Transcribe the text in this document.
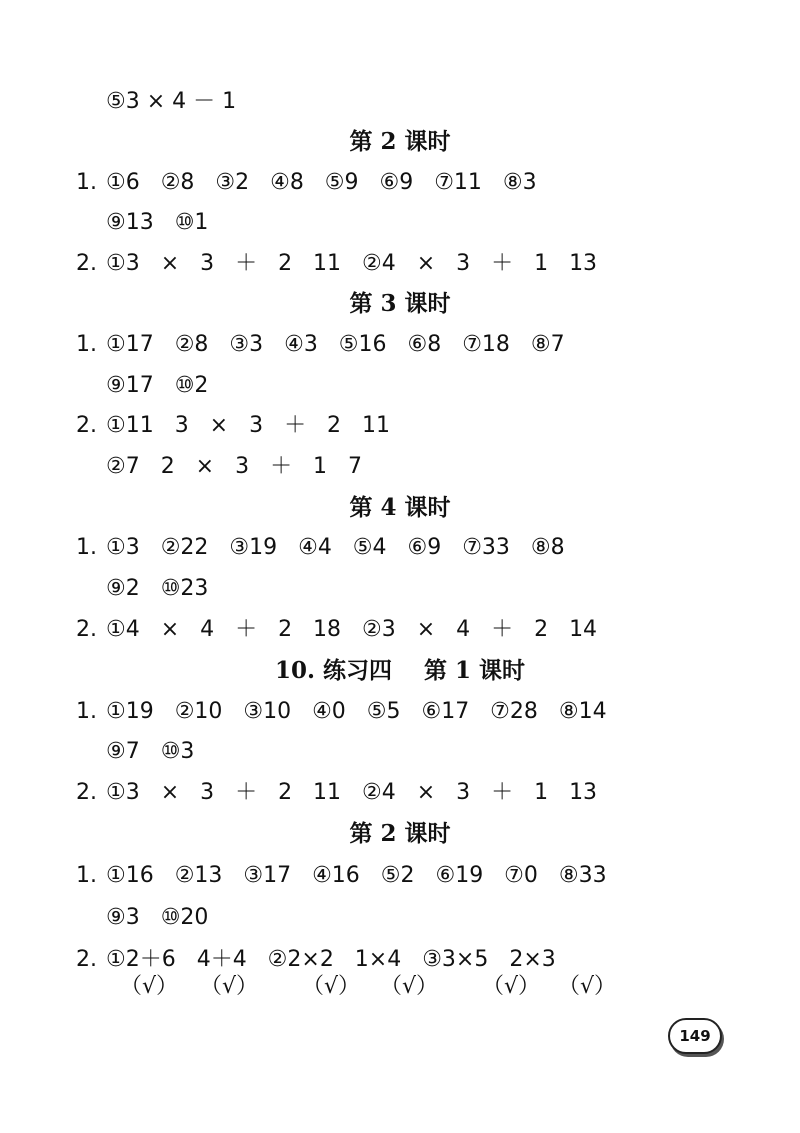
⑤3 × 4 － 1
第 2 课时
1. ①6   ②8   ③2   ④8   ⑤9   ⑥9   ⑦11   ⑧3
⑨13   ⑩1
2. ①3   ×   3   ＋   2   11   ②4   ×   3   ＋   1   13
第 3 课时
1. ①17   ②8   ③3   ④3   ⑤16   ⑥8   ⑦18   ⑧7
⑨17   ⑩2
2. ①11   3   ×   3   ＋   2   11
②7   2   ×   3   ＋   1   7
第 4 课时
1. ①3   ②22   ③19   ④4   ⑤4   ⑥9   ⑦33   ⑧8
⑨2   ⑩23
2. ①4   ×   4   ＋   2   18   ②3   ×   4   ＋   2   14
10. 练习四    第 1 课时
1. ①19   ②10   ③10   ④0   ⑤5   ⑥17   ⑦28   ⑧14
⑨7   ⑩3
2. ①3   ×   3   ＋   2   11   ②4   ×   3   ＋   1   13
第 2 课时
1. ①16   ②13   ③17   ④16   ⑤2   ⑥19   ⑦0   ⑧33
⑨3   ⑩20
2. ①2＋6   4＋4   ②2×2   1×4   ③3×5   2×3
（√） （√） （√） （√） （√） （√）
149
